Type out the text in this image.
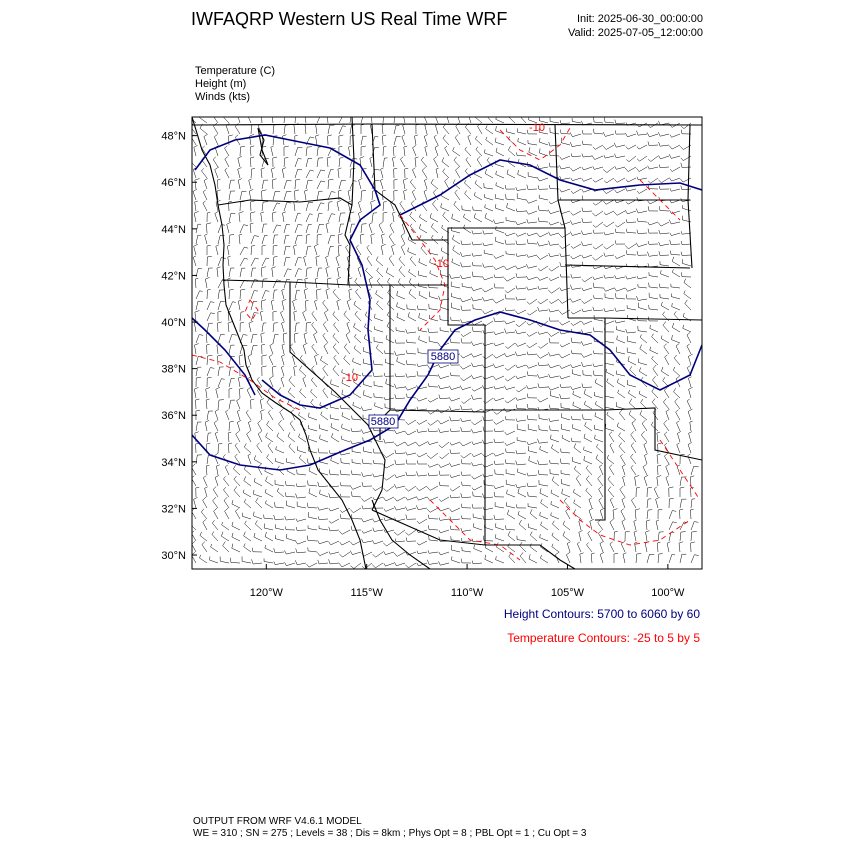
IWFAQRP Western US Real Time WRF	Init: 2025-06-30_00:00:00
Valid: 2025-07-05_12:00:00
Temperature (C)
Height (m)
Winds (kts)
5880
5880
-10
-10
-10
48°N
46°N
44°N
42°N
40°N
38°N
36°N
34°N
32°N
30°N
120°W	115°W	110°W	105°W	100°W
Height Contours: 5700 to 6060 by 60
Temperature Contours: -25 to 5 by 5
OUTPUT FROM WRF V4.6.1 MODEL
WE = 310 ; SN = 275 ; Levels = 38 ; Dis = 8km ; Phys Opt = 8 ; PBL Opt = 1 ; Cu Opt = 3
